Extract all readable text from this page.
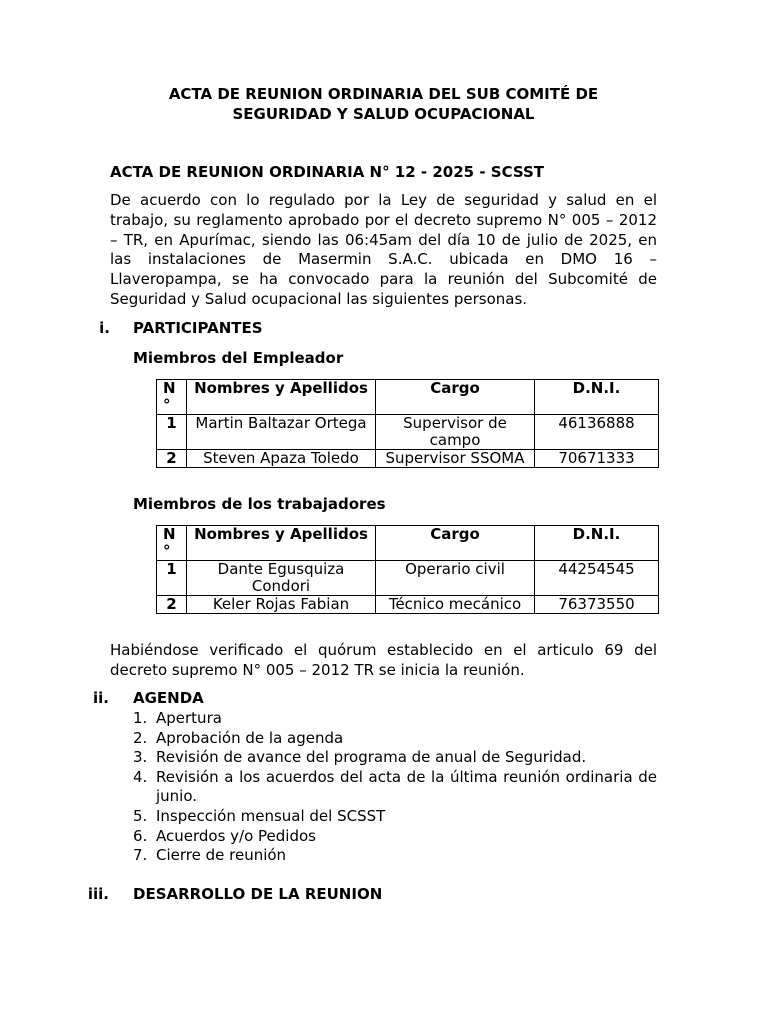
ACTA DE REUNION ORDINARIA DEL SUB COMITÉ DE
SEGURIDAD Y SALUD OCUPACIONAL
ACTA DE REUNION ORDINARIA N° 12 - 2025 - SCSST

De acuerdo con lo regulado por la Ley de seguridad y salud en el trabajo, su reglamento aprobado por el decreto supremo N° 005 – 2012 – TR, en Apurímac, siendo las 06:45am del día 10 de julio de 2025, en las instalaciones de Masermin S.A.C. ubicada en DMO 16 – Llaveropampa, se ha convocado para la reunión del Subcomité de Seguridad y Salud ocupacional las siguientes personas.

i. PARTICIPANTES
Miembros del Empleador
N °	Nombres y Apellidos	Cargo	D.N.I.
1	Martin Baltazar Ortega	Supervisor de campo	46136888
2	Steven Apaza Toledo	Supervisor SSOMA	70671333
Miembros de los trabajadores
N °	Nombres y Apellidos	Cargo	D.N.I.
1	Dante Egusquiza Condori	Operario civil	44254545
2	Keler Rojas Fabian	Técnico mecánico	76373550

Habiéndose verificado el quórum establecido en el articulo 69 del decreto supremo N° 005 – 2012 TR se inicia la reunión.

ii. AGENDA
1. Apertura
2. Aprobación de la agenda
3. Revisión de avance del programa de anual de Seguridad.
4. Revisión a los acuerdos del acta de la última reunión ordinaria de junio.
5. Inspección mensual del SCSST
6. Acuerdos y/o Pedidos
7. Cierre de reunión
iii. DESARROLLO DE LA REUNION
